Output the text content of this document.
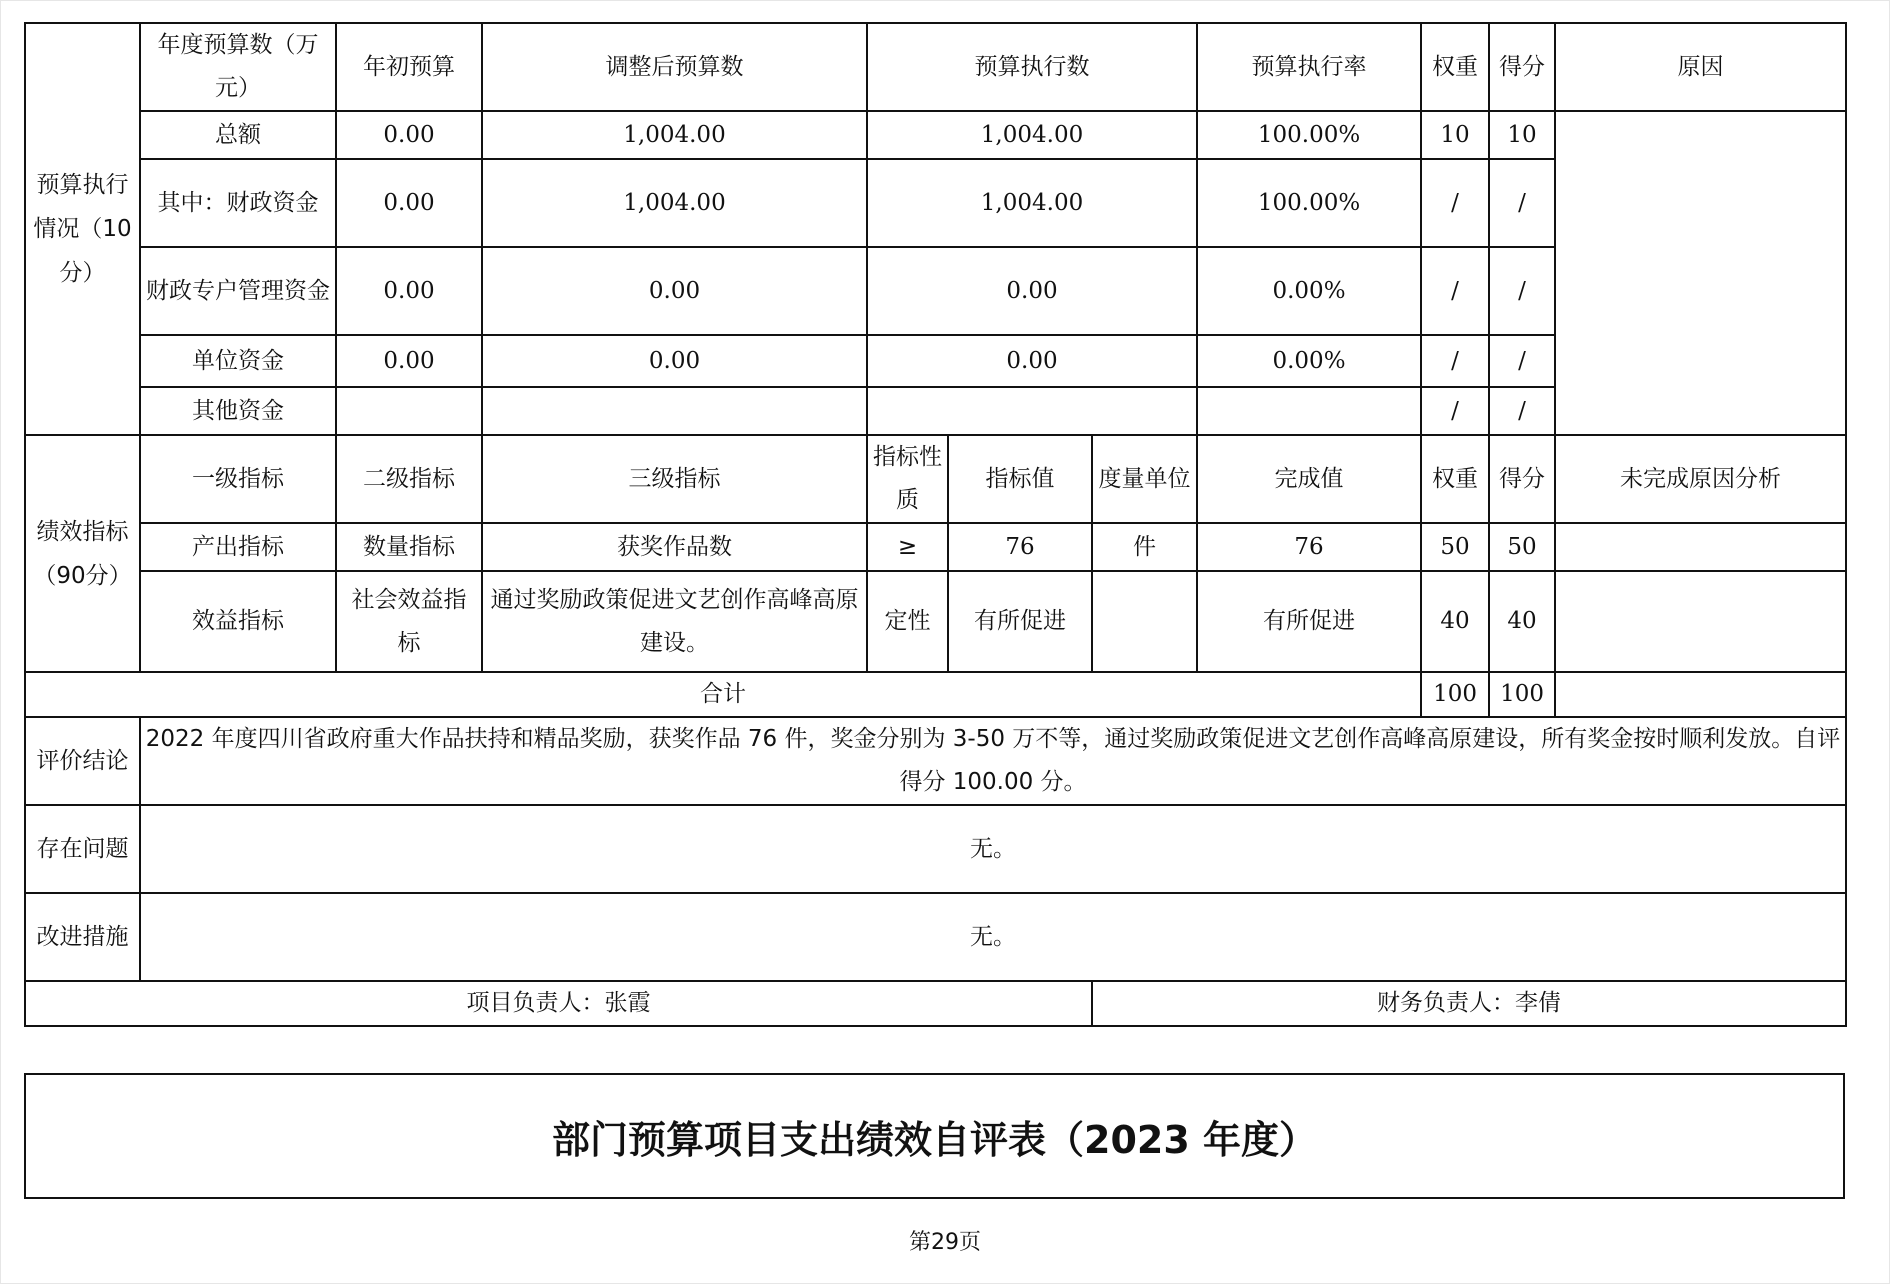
预算执行情况（10分）	年度预算数（万元）	年初预算	调整后预算数	预算执行数			预算执行率	权重	得分	原因
	总额	0.00	1,004.00	1,004.00			100.00%	10	10	
	其中：财政资金	0.00	1,004.00	1,004.00			100.00%	/	/	
	财政专户管理资金	0.00	0.00	0.00			0.00%	/	/	
	单位资金	0.00	0.00	0.00			0.00%	/	/	
	其他资金							/	/	
绩效指标（90分）	一级指标	二级指标	三级指标	指标性质	指标值	度量单位	完成值	权重	得分	未完成原因分析
	产出指标	数量指标	获奖作品数	≥	76	件	76	50	50	
	效益指标	社会效益指标	通过奖励政策促进文艺创作高峰高原建设。	定性	有所促进		有所促进	40	40	
合计								100	100	
评价结论	2022 年度四川省政府重大作品扶持和精品奖励，获奖作品 76 件，奖金分别为 3-50 万不等，通过奖励政策促进文艺创作高峰高原建设，所有奖金按时顺利发放。自评得分 100.00 分。									
存在问题	无。									
改进措施	无。									
项目负责人：张霞						财务负责人：李倩				
部门预算项目支出绩效自评表（2023 年度）
第29页
